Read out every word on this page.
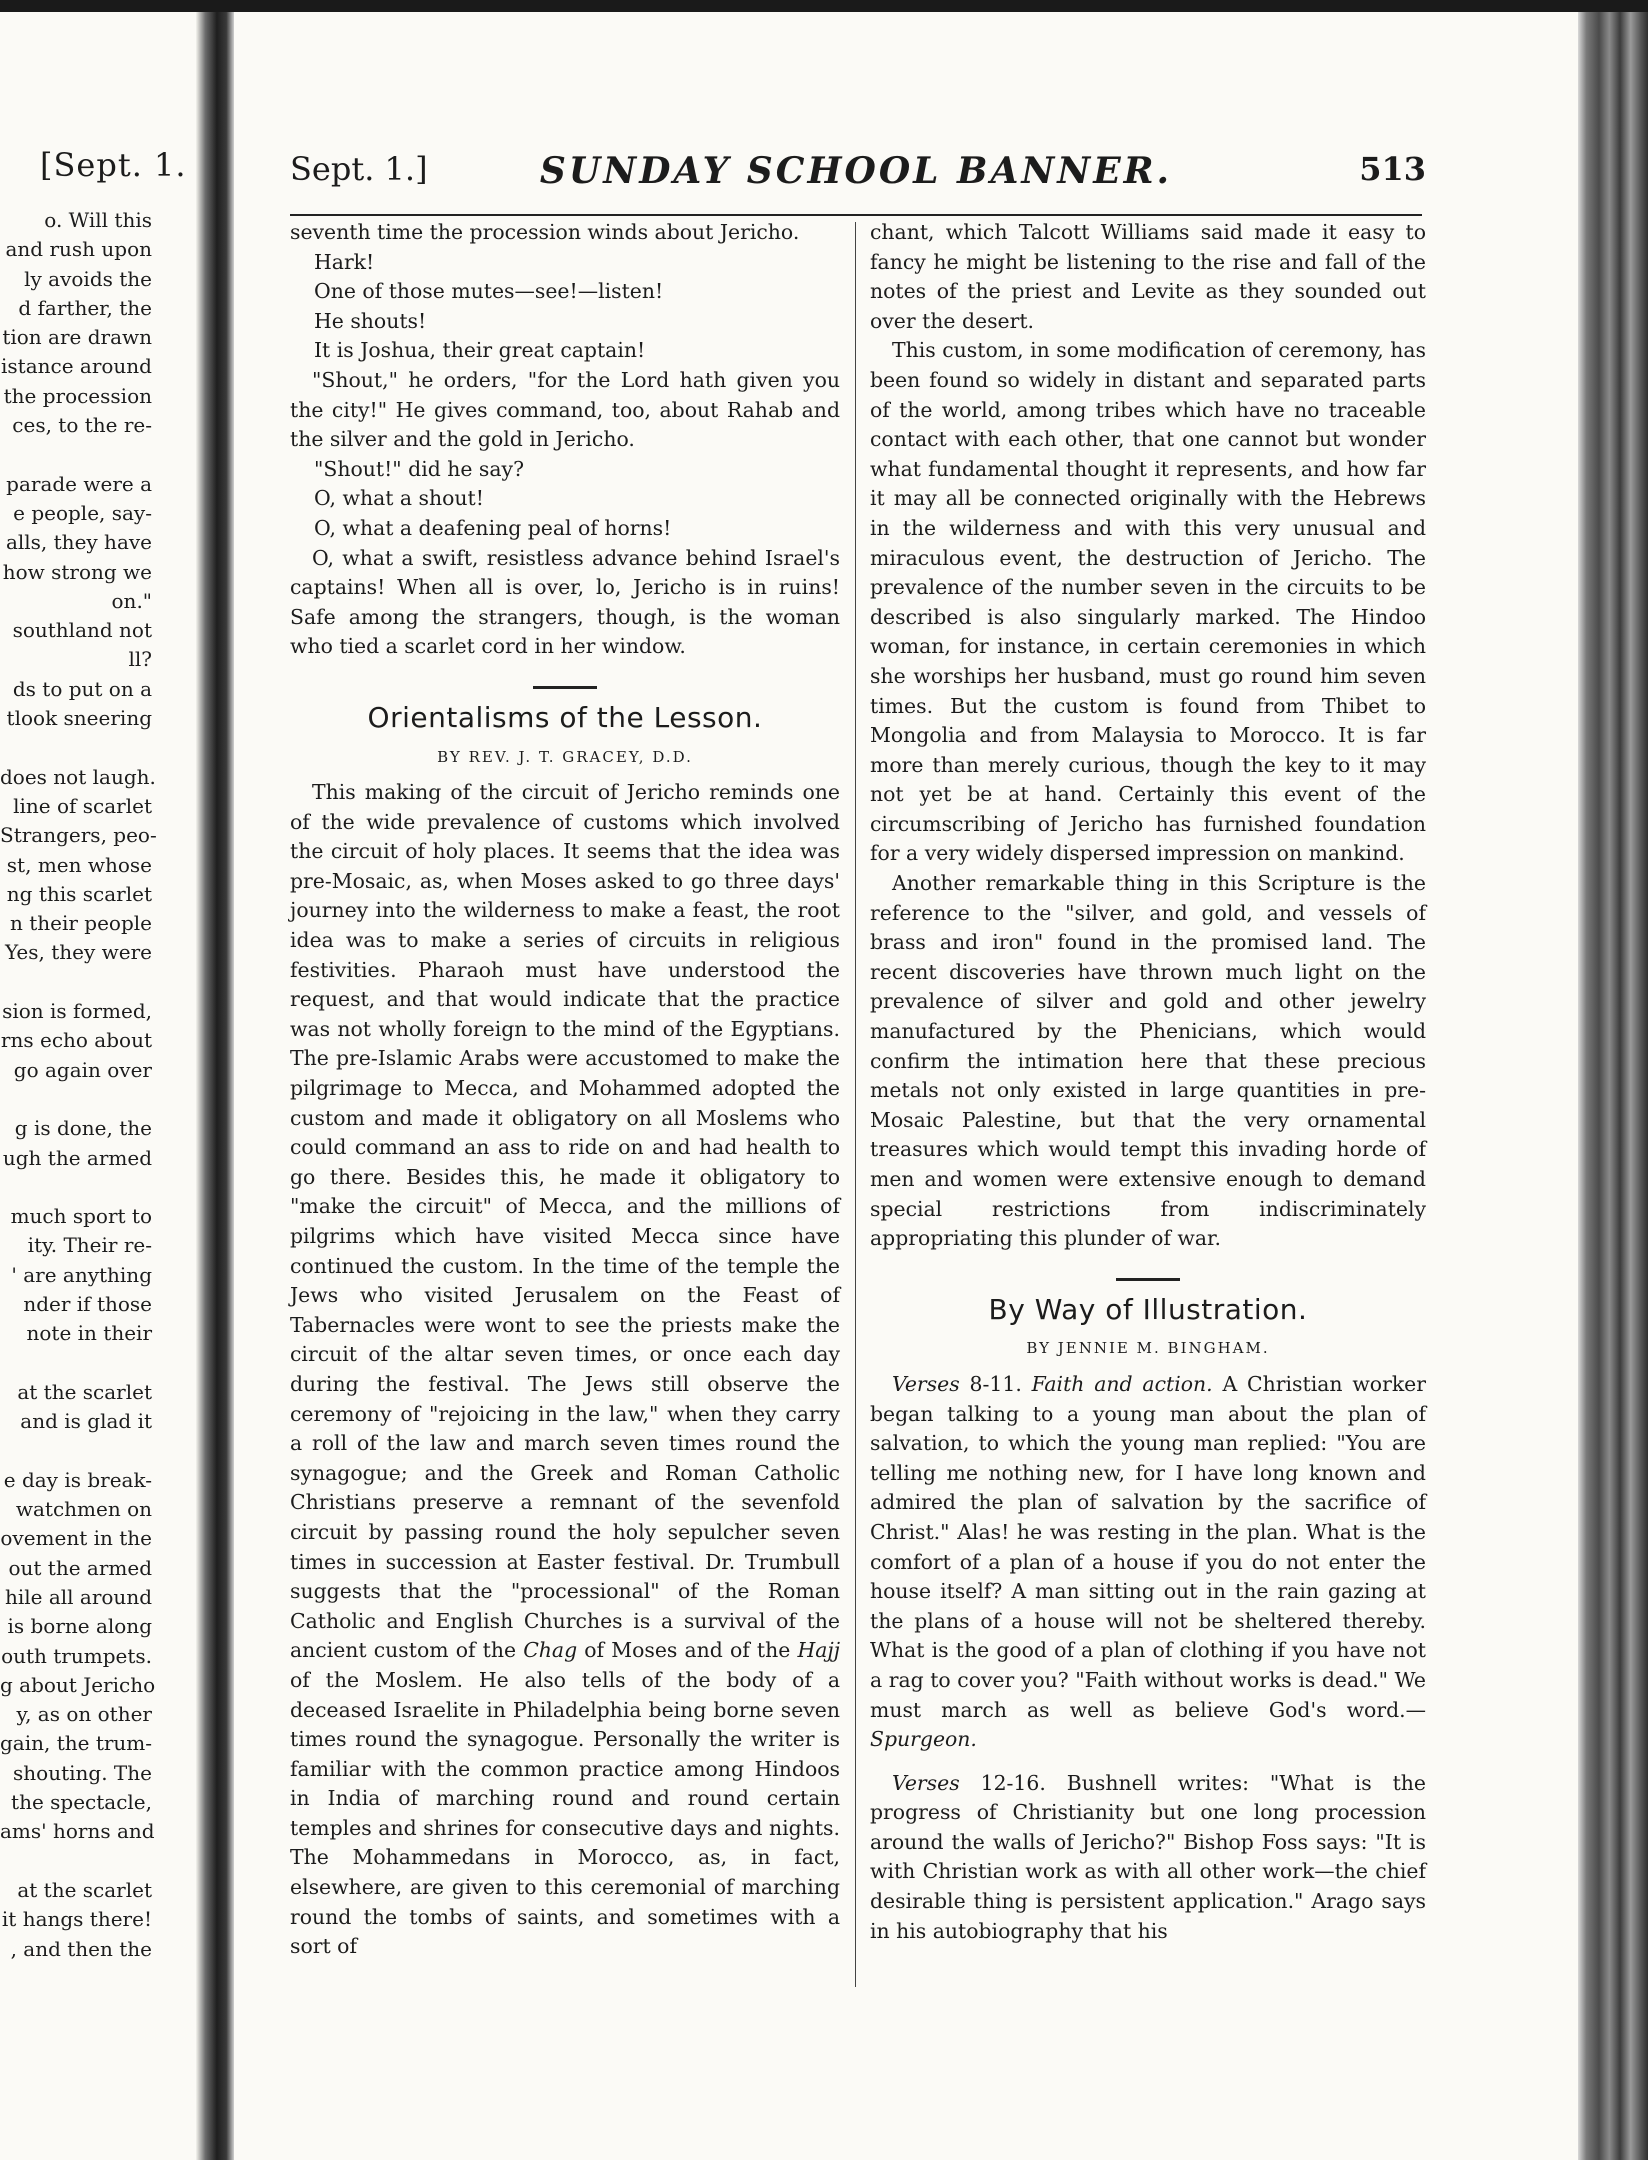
[Sept. 1.
o. Will this
and rush upon
ly avoids the
d farther, the
tion are drawn
istance around
the procession
ces, to the re-
parade were a
e people, say-
alls, they have
how strong we
on."
southland not
ll?
ds to put on a
tlook sneering
does not laugh.
line of scarlet
Strangers, peo-
st, men whose
ng this scarlet
n their people
Yes, they were
sion is formed,
rns echo about
go again over
g is done, the
ugh the armed
much sport to
ity. Their re-
' are anything
nder if those
note in their
at the scarlet
and is glad it
e day is break-
watchmen on
ovement in the
out the armed
hile all around
is borne along
outh trumpets.
g about Jericho
y, as on other
gain, the trum-
shouting. The
the spectacle,
ams' horns and
at the scarlet
it hangs there!
, and then the
Sept. 1.]	SUNDAY SCHOOL BANNER.	513

seventh time the procession winds about Jericho.

Hark!
One of those mutes—see!—listen!
He shouts!
It is Joshua, their great captain!

"Shout," he orders, "for the Lord hath given you the city!" He gives command, too, about Rahab and the silver and the gold in Jericho.

"Shout!" did he say?
O, what a shout!
O, what a deafening peal of horns!

O, what a swift, resistless advance behind Israel's captains! When all is over, lo, Jericho is in ruins! Safe among the strangers, though, is the woman who tied a scarlet cord in her window.

Orientalisms of the Lesson.
BY REV. J. T. GRACEY, D.D.

This making of the circuit of Jericho reminds one of the wide prevalence of customs which involved the circuit of holy places. It seems that the idea was pre-Mosaic, as, when Moses asked to go three days' journey into the wilderness to make a feast, the root idea was to make a series of circuits in religious festivities. Pharaoh must have understood the request, and that would indicate that the practice was not wholly foreign to the mind of the Egyptians. The pre-Islamic Arabs were accustomed to make the pilgrimage to Mecca, and Mohammed adopted the custom and made it obligatory on all Moslems who could command an ass to ride on and had health to go there. Besides this, he made it obligatory to "make the circuit" of Mecca, and the millions of pilgrims which have visited Mecca since have continued the custom. In the time of the temple the Jews who visited Jerusalem on the Feast of Tabernacles were wont to see the priests make the circuit of the altar seven times, or once each day during the festival. The Jews still observe the ceremony of "rejoicing in the law," when they carry a roll of the law and march seven times round the synagogue; and the Greek and Roman Catholic Christians preserve a remnant of the sevenfold circuit by passing round the holy sepulcher seven times in succession at Easter festival. Dr. Trumbull suggests that the "processional" of the Roman Catholic and English Churches is a survival of the ancient custom of the Chag of Moses and of the Hajj of the Moslem. He also tells of the body of a deceased Israelite in Philadelphia being borne seven times round the synagogue. Personally the writer is familiar with the common practice among Hindoos in India of marching round and round certain temples and shrines for consecutive days and nights. The Mohammedans in Morocco, as, in fact, elsewhere, are given to this ceremonial of marching round the tombs of saints, and sometimes with a sort of

chant, which Talcott Williams said made it easy to fancy he might be listening to the rise and fall of the notes of the priest and Levite as they sounded out over the desert.

This custom, in some modification of ceremony, has been found so widely in distant and separated parts of the world, among tribes which have no traceable contact with each other, that one cannot but wonder what fundamental thought it represents, and how far it may all be connected originally with the Hebrews in the wilderness and with this very unusual and miraculous event, the destruction of Jericho. The prevalence of the number seven in the circuits to be described is also singularly marked. The Hindoo woman, for instance, in certain ceremonies in which she worships her husband, must go round him seven times. But the custom is found from Thibet to Mongolia and from Malaysia to Morocco. It is far more than merely curious, though the key to it may not yet be at hand. Certainly this event of the circumscribing of Jericho has furnished foundation for a very widely dispersed impression on mankind.

Another remarkable thing in this Scripture is the reference to the "silver, and gold, and vessels of brass and iron" found in the promised land. The recent discoveries have thrown much light on the prevalence of silver and gold and other jewelry manufactured by the Phenicians, which would confirm the intimation here that these precious metals not only existed in large quantities in pre-Mosaic Palestine, but that the very ornamental treasures which would tempt this invading horde of men and women were extensive enough to demand special restrictions from indiscriminately appropriating this plunder of war.

By Way of Illustration.
BY JENNIE M. BINGHAM.

Verses 8-11. Faith and action. A Christian worker began talking to a young man about the plan of salvation, to which the young man replied: "You are telling me nothing new, for I have long known and admired the plan of salvation by the sacrifice of Christ." Alas! he was resting in the plan. What is the comfort of a plan of a house if you do not enter the house itself? A man sitting out in the rain gazing at the plans of a house will not be sheltered thereby. What is the good of a plan of clothing if you have not a rag to cover you? "Faith without works is dead." We must march as well as believe God's word.—Spurgeon.

Verses 12-16. Bushnell writes: "What is the progress of Christianity but one long procession around the walls of Jericho?" Bishop Foss says: "It is with Christian work as with all other work—the chief desirable thing is persistent application." Arago says in his autobiography that his
